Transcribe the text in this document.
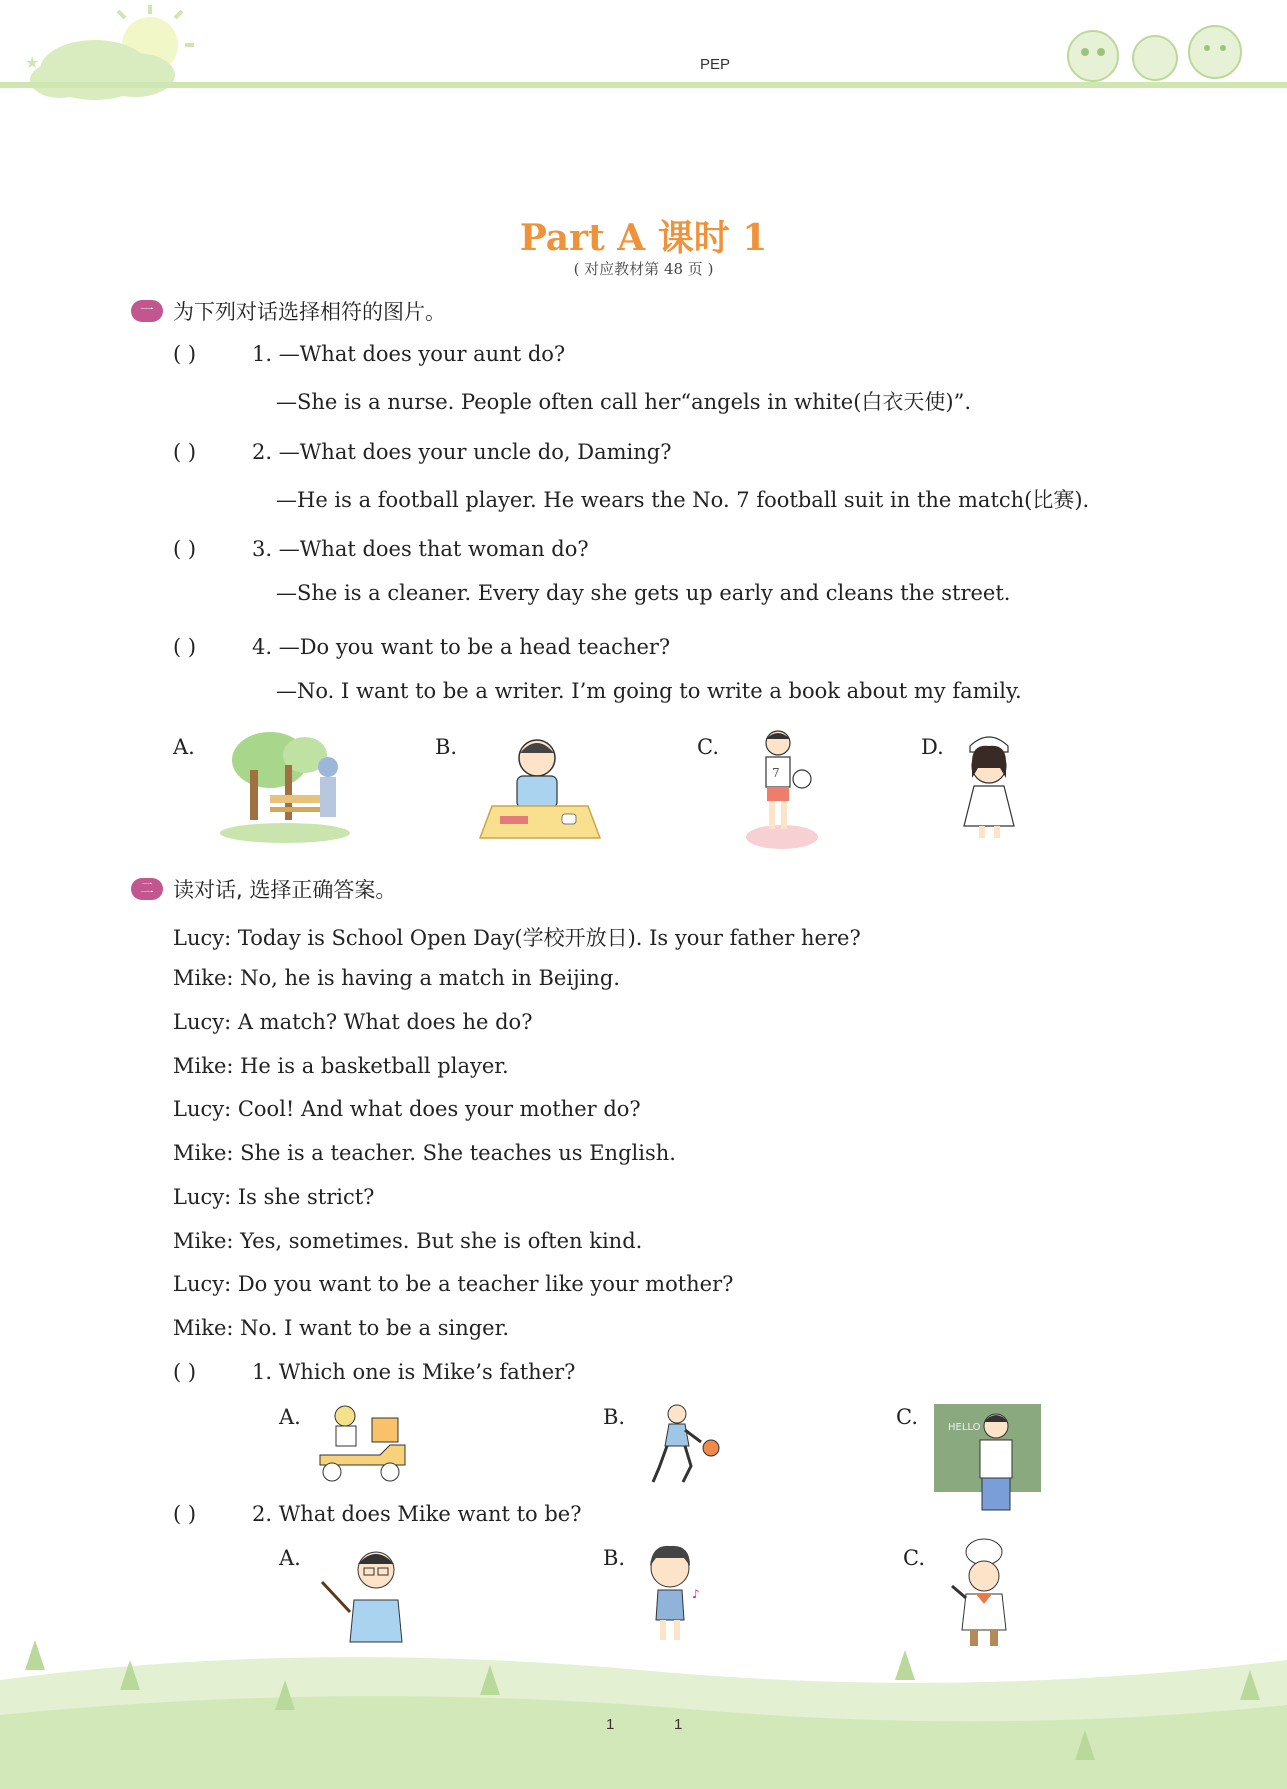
★	PEP
Part A 课时 1
( 对应教材第 48 页 )
一 为下列对话选择相符的图片。
( )	1. —What does your aunt do?
—She is a nurse. People often call her“angels in white(白衣天使)”.
( )	2. —What does your uncle do, Daming?
—He is a football player. He wears the No. 7 football suit in the match(比赛).
( )	3. —What does that woman do?
—She is a cleaner. Every day she gets up early and cleans the street.
( )	4. —Do you want to be a head teacher?
—No. I want to be a writer. I’m going to write a book about my family.
A.	B.	C.
7
D.
二 读对话, 选择正确答案。
Lucy: Today is School Open Day(学校开放日). Is your father here?
Mike: No, he is having a match in Beijing.
Lucy: A match? What does he do?
Mike: He is a basketball player.
Lucy: Cool! And what does your mother do?
Mike: She is a teacher. She teaches us English.
Lucy: Is she strict?
Mike: Yes, sometimes. But she is often kind.
Lucy: Do you want to be a teacher like your mother?
Mike: No. I want to be a singer.
( )	1. Which one is Mike’s father?
A.	B.	C.	HELLO
( )	2. What does Mike want to be?
A.	B.
♪
C.
1	1
